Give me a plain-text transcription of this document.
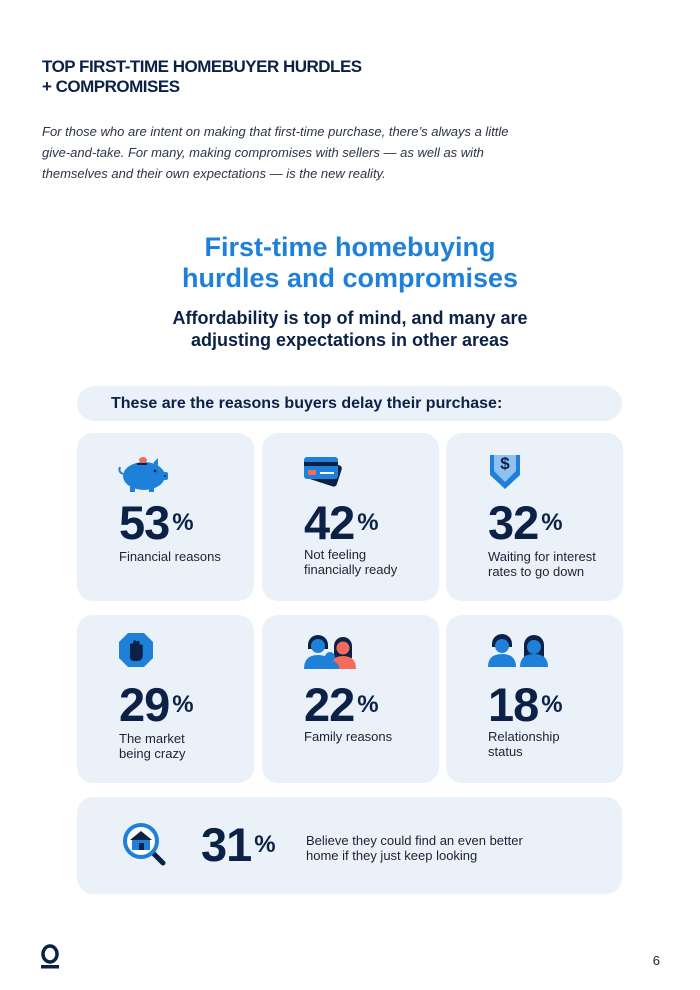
TOP FIRST-TIME HOMEBUYER HURDLES + COMPROMISES

For those who are intent on making that first-time purchase, there’s always a little give-and-take. For many, making compromises with sellers — as well as with themselves and their own expectations — is the new reality.

First-time homebuying
hurdles and compromises
Affordability is top of mind, and many are
adjusting expectations in other areas
These are the reasons buyers delay their purchase:
53 %
Financial reasons
42 %
Not feeling financially ready
$
32 %
Waiting for interest rates to go down
29 %
The market being crazy
22 %
Family reasons
18 %
Relationship status
31 % Believe they could find an even better home if they just keep looking
6
